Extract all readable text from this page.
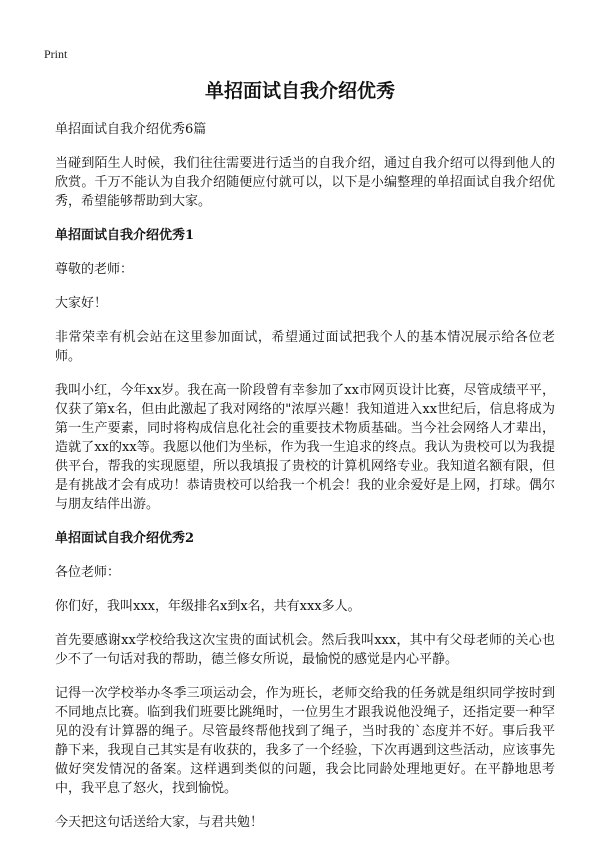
Print
单招面试自我介绍优秀

单招面试自我介绍优秀6篇

当碰到陌生人时候，我们往往需要进行适当的自我介绍，通过自我介绍可以得到他人的欣赏。千万不能认为自我介绍随便应付就可以，以下是小编整理的单招面试自我介绍优秀，希望能够帮助到大家。

单招面试自我介绍优秀1

尊敬的老师：

大家好！

非常荣幸有机会站在这里参加面试，希望通过面试把我个人的基本情况展示给各位老师。

我叫小红，今年xx岁。我在高一阶段曾有幸参加了xx市网页设计比赛，尽管成绩平平，仅获了第x名，但由此激起了我对网络的"浓厚兴趣！我知道进入xx世纪后，信息将成为第一生产要素，同时将构成信息化社会的重要技术物质基础。当今社会网络人才辈出，造就了xx的xx等。我愿以他们为坐标，作为我一生追求的终点。我认为贵校可以为我提供平台，帮我的实现愿望，所以我填报了贵校的计算机网络专业。我知道名额有限，但是有挑战才会有成功！恭请贵校可以给我一个机会！我的业余爱好是上网，打球。偶尔与朋友结伴出游。

单招面试自我介绍优秀2

各位老师：

你们好，我叫xxx，年级排名x到x名，共有xxx多人。

首先要感谢xx学校给我这次宝贵的面试机会。然后我叫xxx，其中有父母老师的关心也少不了一句话对我的帮助，德兰修女所说，最愉悦的感觉是内心平静。

记得一次学校举办冬季三项运动会，作为班长，老师交给我的任务就是组织同学按时到不同地点比赛。临到我们班要比跳绳时，一位男生才跟我说他没绳子，还指定要一种罕见的没有计算器的绳子。尽管最终帮他找到了绳子，当时我的`态度并不好。事后我平静下来，我现自己其实是有收获的，我多了一个经验，下次再遇到这些活动，应该事先做好突发情况的备案。这样遇到类似的问题，我会比同龄处理地更好。在平静地思考中，我平息了怒火，找到愉悦。

今天把这句话送给大家，与君共勉！
